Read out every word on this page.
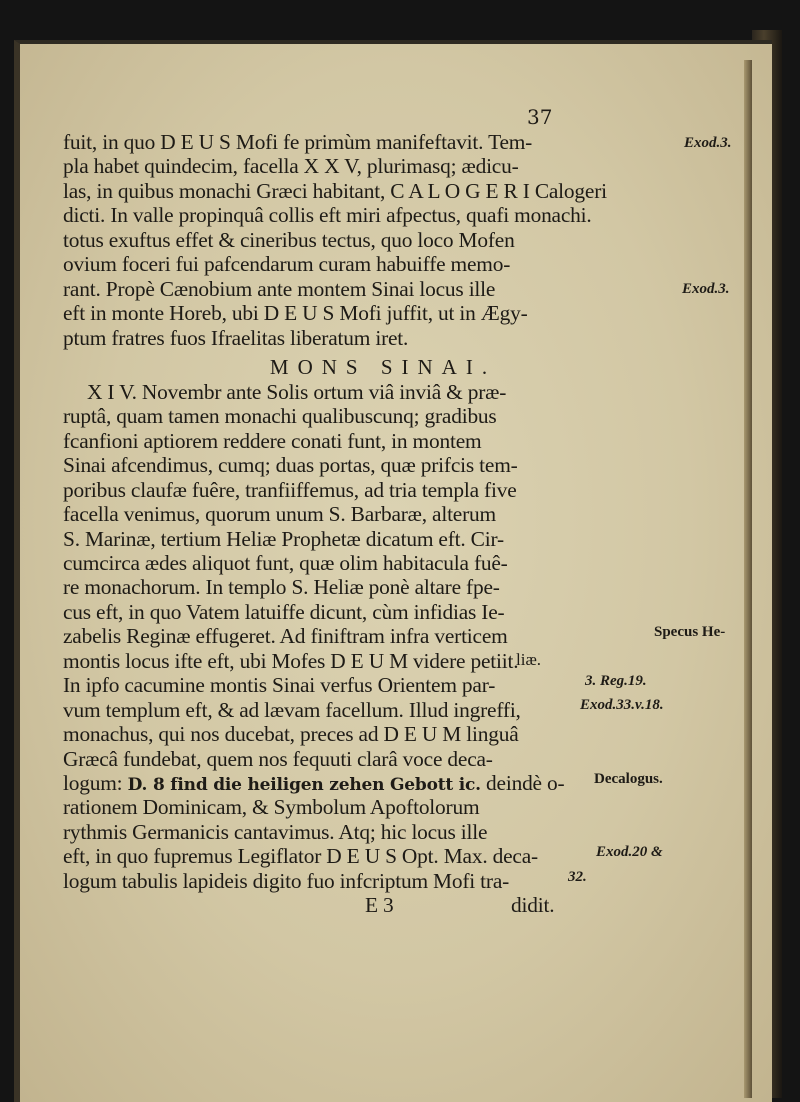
37
fuit, in quo D E U S Mofi fe primùm manifeftavit. Tem-
pla habet quindecim, facella X X V, plurimasq; ædicu-
las, in quibus monachi Græci habitant, C A L O G E R I Calogeri
dicti. In valle propinquâ collis eft miri afpectus, quafi monachi.
totus exuftus effet & cineribus tectus, quo loco Mofen
ovium foceri fui pafcendarum curam habuiffe memo-
rant. Propè Cænobium ante montem Sinai locus ille
eft in monte Horeb, ubi D E U S Mofi juffit, ut in Ægy-
ptum fratres fuos Ifraelitas liberatum iret.
MONS SINAI.
X I V. Novembr ante Solis ortum viâ inviâ & præ-
ruptâ, quam tamen monachi qualibuscunq; gradibus
fcanfioni aptiorem reddere conati funt, in montem
Sinai afcendimus, cumq; duas portas, quæ prifcis tem-
poribus claufæ fuêre, tranfiiffemus, ad tria templa five
facella venimus, quorum unum S. Barbaræ, alterum
S. Marinæ, tertium Heliæ Prophetæ dicatum eft. Cir-
cumcirca ædes aliquot funt, quæ olim habitacula fuê-
re monachorum. In templo S. Heliæ ponè altare fpe-
cus eft, in quo Vatem latuiffe dicunt, cùm infidias Ie-
zabelis Reginæ effugeret. Ad finiftram infra verticem
montis locus ifte eft, ubi Mofes D E U M videre petiit.
In ipfo cacumine montis Sinai verfus Orientem par-
vum templum eft, & ad lævam facellum. Illud ingreffi,
monachus, qui nos ducebat, preces ad D E U M linguâ
Græcâ fundebat, quem nos fequuti clarâ voce deca-
logum: D. 8 find die heiligen zehen Gebott ic. deindè o-
rationem Dominicam, & Symbolum Apoftolorum
rythmis Germanicis cantavimus. Atq; hic locus ille
eft, in quo fupremus Legiflator D E U S Opt. Max. deca-
logum tabulis lapideis digito fuo infcriptum Mofi tra-
E 3	didit.
Exod.3.
Exod.3.
Specus He-
liæ.
3. Reg.19.
Exod.33.v.18.
Decalogus.
Exod.20 &
32.
